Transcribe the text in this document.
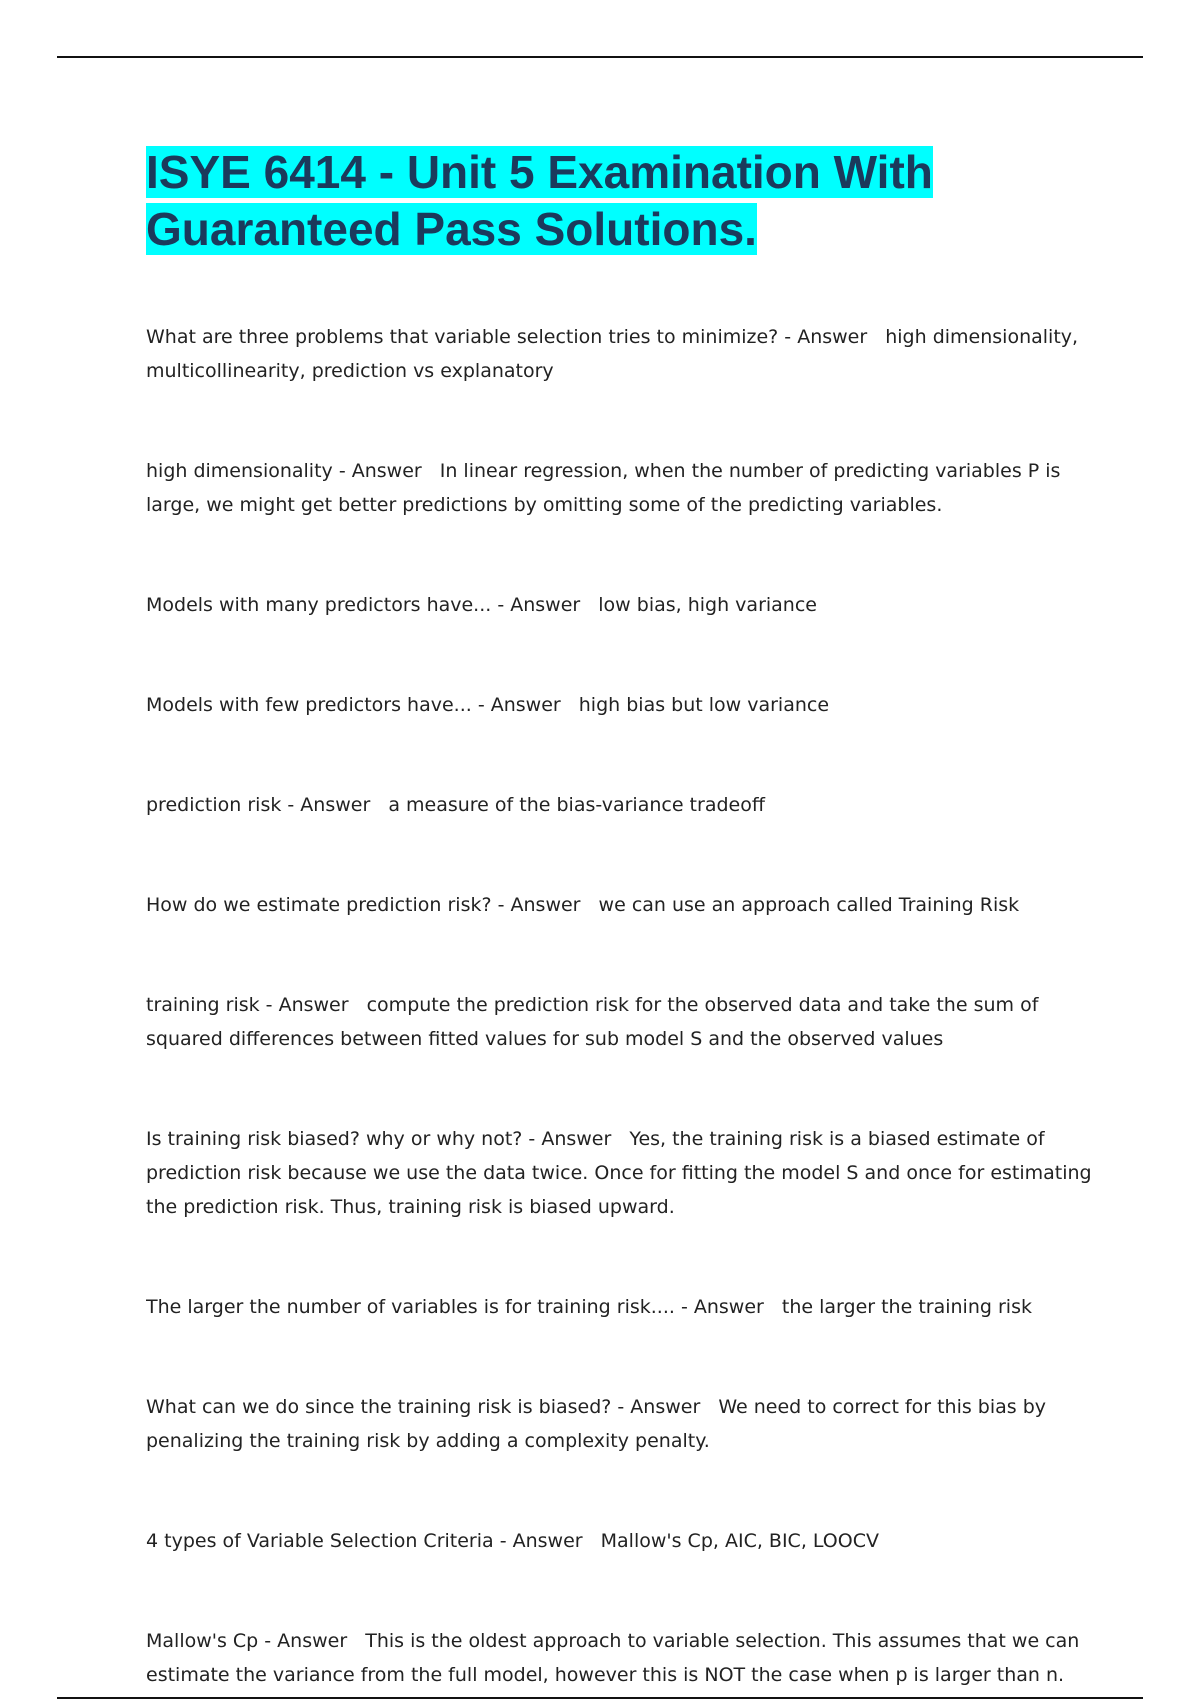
ISYE 6414 - Unit 5 Examination With Guaranteed Pass Solutions.

What are three problems that variable selection tries to minimize? - Answer high dimensionality, multicollinearity, prediction vs explanatory

high dimensionality - Answer In linear regression, when the number of predicting variables P is large, we might get better predictions by omitting some of the predicting variables.

Models with many predictors have... - Answer low bias, high variance

Models with few predictors have... - Answer high bias but low variance

prediction risk - Answer a measure of the bias-variance tradeoff

How do we estimate prediction risk? - Answer we can use an approach called Training Risk

training risk - Answer compute the prediction risk for the observed data and take the sum of squared differences between fitted values for sub model S and the observed values

Is training risk biased? why or why not? - Answer Yes, the training risk is a biased estimate of prediction risk because we use the data twice. Once for fitting the model S and once for estimating the prediction risk. Thus, training risk is biased upward.

The larger the number of variables is for training risk.... - Answer the larger the training risk

What can we do since the training risk is biased? - Answer We need to correct for this bias by penalizing the training risk by adding a complexity penalty.

4 types of Variable Selection Criteria - Answer Mallow's Cp, AIC, BIC, LOOCV

Mallow's Cp - Answer This is the oldest approach to variable selection. This assumes that we can estimate the variance from the full model, however this is NOT the case when p is larger than n.
